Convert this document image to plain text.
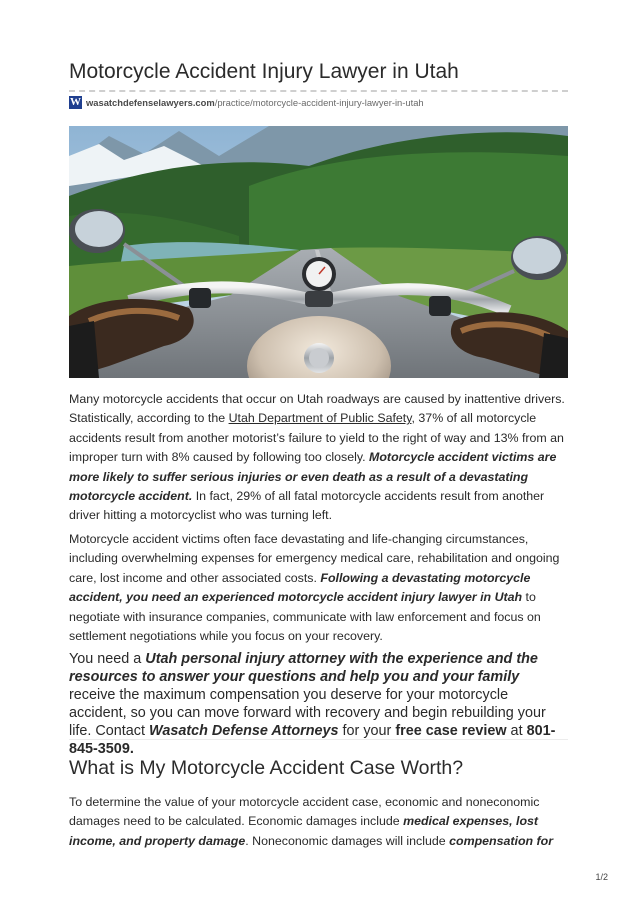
Motorcycle Accident Injury Lawyer in Utah
W wasatchdefenselawyers.com/practice/motorcycle-accident-injury-lawyer-in-utah

Many motorcycle accidents that occur on Utah roadways are caused by inattentive drivers. Statistically, according to the Utah Department of Public Safety, 37% of all motorcycle accidents result from another motorist’s failure to yield to the right of way and 13% from an improper turn with 8% caused by following too closely. Motorcycle accident victims are more likely to suffer serious injuries or even death as a result of a devastating motorcycle accident. In fact, 29% of all fatal motorcycle accidents result from another driver hitting a motorcyclist who was turning left.

Motorcycle accident victims often face devastating and life-changing circumstances, including overwhelming expenses for emergency medical care, rehabilitation and ongoing care, lost income and other associated costs. Following a devastating motorcycle accident, you need an experienced motorcycle accident injury lawyer in Utah to negotiate with insurance companies, communicate with law enforcement and focus on settlement negotiations while you focus on your recovery.

You need a Utah personal injury attorney with the experience and the resources to answer your questions and help you and your family receive the maximum compensation you deserve for your motorcycle accident, so you can move forward with recovery and begin rebuilding your life. Contact Wasatch Defense Attorneys for your free case review at 801-845-3509.

What is My Motorcycle Accident Case Worth?

To determine the value of your motorcycle accident case, economic and noneconomic damages need to be calculated. Economic damages include medical expenses, lost income, and property damage. Noneconomic damages will include compensation for

1/2
